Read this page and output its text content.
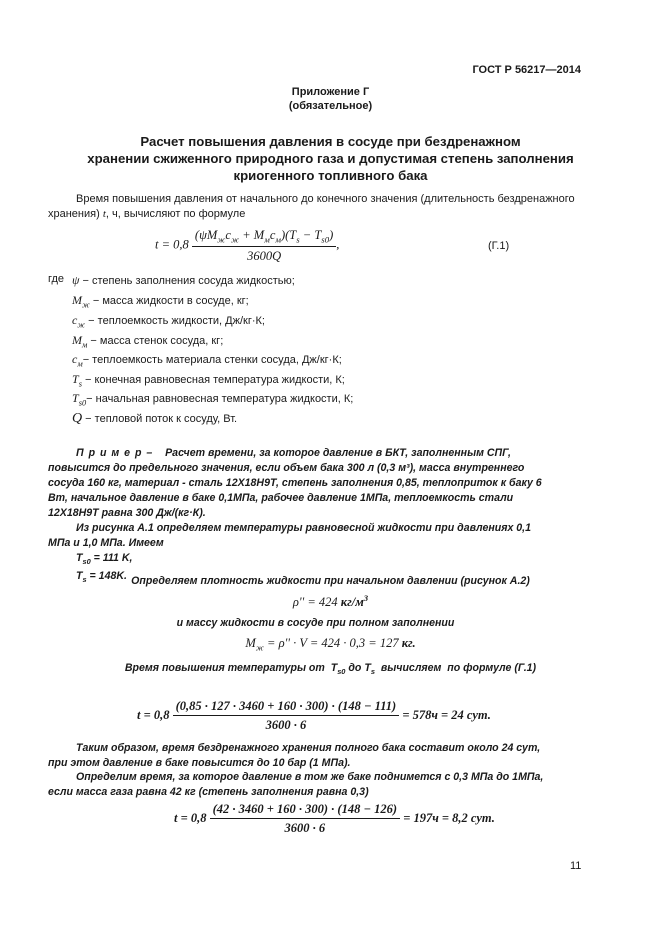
ГОСТ Р 56217—2014
Приложение Г
(обязательное)
Расчет повышения давления в сосуде при бездренажном
хранении сжиженного природного газа и допустимая степень заполнения
криогенного топливного бака
Время повышения давления от начального до конечного значения (длительность бездренажного
хранения) t, ч, вычисляют по формуле
$t = 0,8 \frac{(\psi M_жc_ж + M_мc_м)(T_s - T_{s0})}{3600Q}$ ,	(Г.1)
где ψ − степень заполнения сосуда жидкостью;
$M_ж$ − масса жидкости в сосуде, кг;
$c_ж$ − теплоемкость жидкости, Дж/кг·К;
$M_м$ − масса стенок сосуда, кг;
$c_м-$ теплоемкость материала стенки сосуда, Дж/кг·К;
$T_s$ − конечная равновесная температура жидкости, К;
$T_{s0}-$ начальная равновесная температура жидкости, К;
Q − тепловой поток к сосуду, Вт.
П р и м е р – Расчет времени, за которое давление в БКТ, заполненным СПГ,
повысится до предельного значения, если объем бака 300 л (0,3 м³), масса внутреннего
сосуда 160 кг, материал - сталь 12Х18Н9Т, степень заполнения 0,85, теплоприток к баку 6
Вт, начальное давление в баке 0,1МПа, рабочее давление 1МПа, теплоемкость стали
12Х18Н9Т равна 300 Дж/(кг·К).
Из рисунка А.1 определяем температуры равновесной жидкости при давлениях 0,1
МПа и 1,0 МПа. Имеем
$T_{s0} = 111$ K,
$T_s = 148K$. Определяем плотность жидкости при начальном давлении (рисунок А.2)
ρ'' = 424 $кг/м^3$
и массу жидкости в сосуде при полном заполнении
$M_ж = \rho'' \cdot V = 424 \cdot 0,3 = 127$ кг.
Время повышения температуры от  $T_{s0}$ до $T_s$  вычисляем  по формуле (Г.1)
$t = 0,8 \frac{(0,85 \cdot 127 \cdot 3460 + 160 \cdot 300) \cdot (148 - 111)}{3600 \cdot 6} = 578ч = 24$ сут.
Таким образом, время бездренажного хранения полного бака составит около 24 сут,
при этом давление в баке повысится до 10 бар (1 МПа).
Определим время, за которое давление в том же баке поднимется с 0,3 МПа до 1МПа,
если масса газа равна 42 кг (степень заполнения равна 0,3)
$t = 0,8 \frac{(42 \cdot 3460 + 160 \cdot 300) \cdot (148 - 126)}{3600 \cdot 6} = 197ч = 8,2$ сут.
11
